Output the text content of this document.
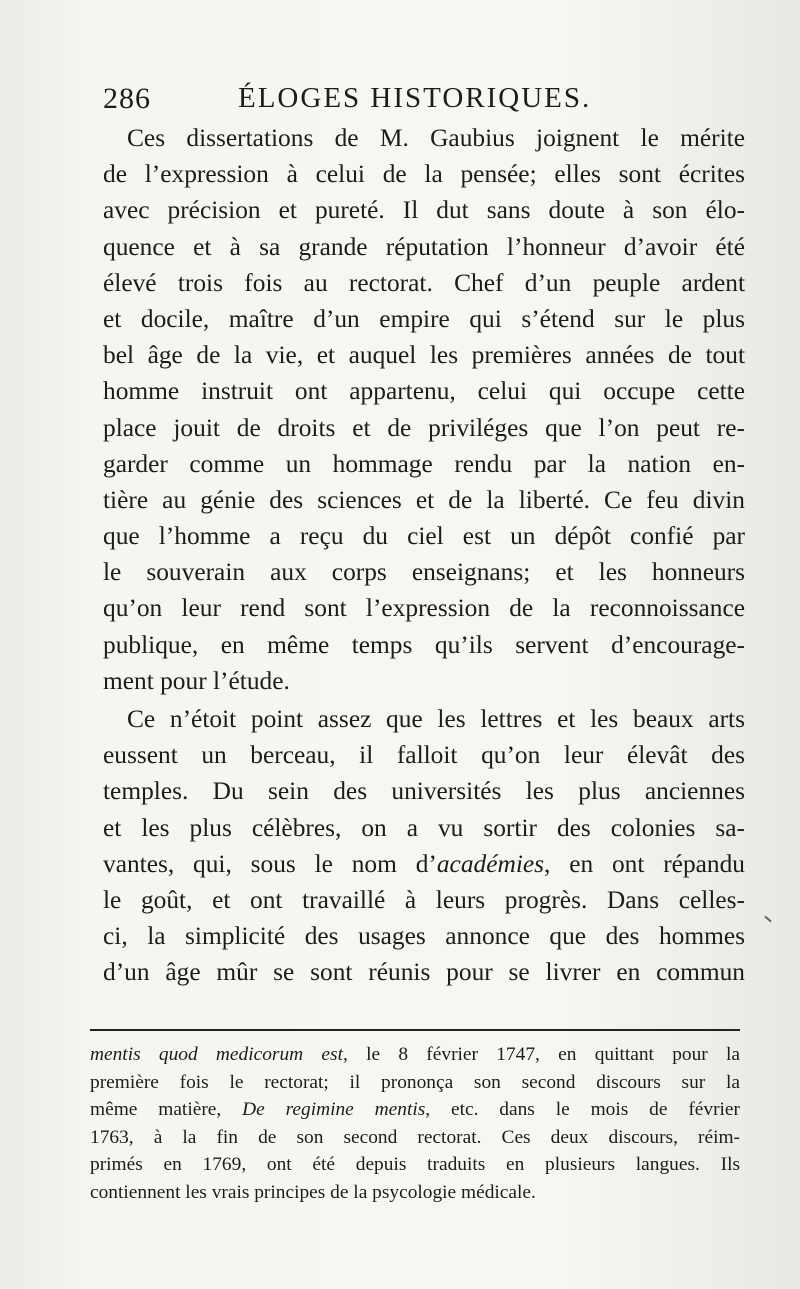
286	ÉLOGES HISTORIQUES.
Ces dissertations de M. Gaubius joignent le mérite
de l’expression à celui de la pensée; elles sont écrites
avec précision et pureté. Il dut sans doute à son élo-
quence et à sa grande réputation l’honneur d’avoir été
élevé trois fois au rectorat. Chef d’un peuple ardent
et docile, maître d’un empire qui s’étend sur le plus
bel âge de la vie, et auquel les premières années de tout
homme instruit ont appartenu, celui qui occupe cette
place jouit de droits et de priviléges que l’on peut re-
garder comme un hommage rendu par la nation en-
tière au génie des sciences et de la liberté. Ce feu divin
que l’homme a reçu du ciel est un dépôt confié par
le souverain aux corps enseignans; et les honneurs
qu’on leur rend sont l’expression de la reconnoissance
publique, en même temps qu’ils servent d’encourage-
ment pour l’étude.
Ce n’étoit point assez que les lettres et les beaux arts
eussent un berceau, il falloit qu’on leur élevât des
temples. Du sein des universités les plus anciennes
et les plus célèbres, on a vu sortir des colonies sa-
vantes, qui, sous le nom d’académies, en ont répandu
le goût, et ont travaillé à leurs progrès. Dans celles-
ci, la simplicité des usages annonce que des hommes
d’un âge mûr se sont réunis pour se livrer en commun
mentis quod medicorum est, le 8 février 1747, en quittant pour la
première fois le rectorat; il prononça son second discours sur la
même matière, De regimine mentis, etc. dans le mois de février
1763, à la fin de son second rectorat. Ces deux discours, réim-
primés en 1769, ont été depuis traduits en plusieurs langues. Ils
contiennent les vrais principes de la psycologie médicale.
